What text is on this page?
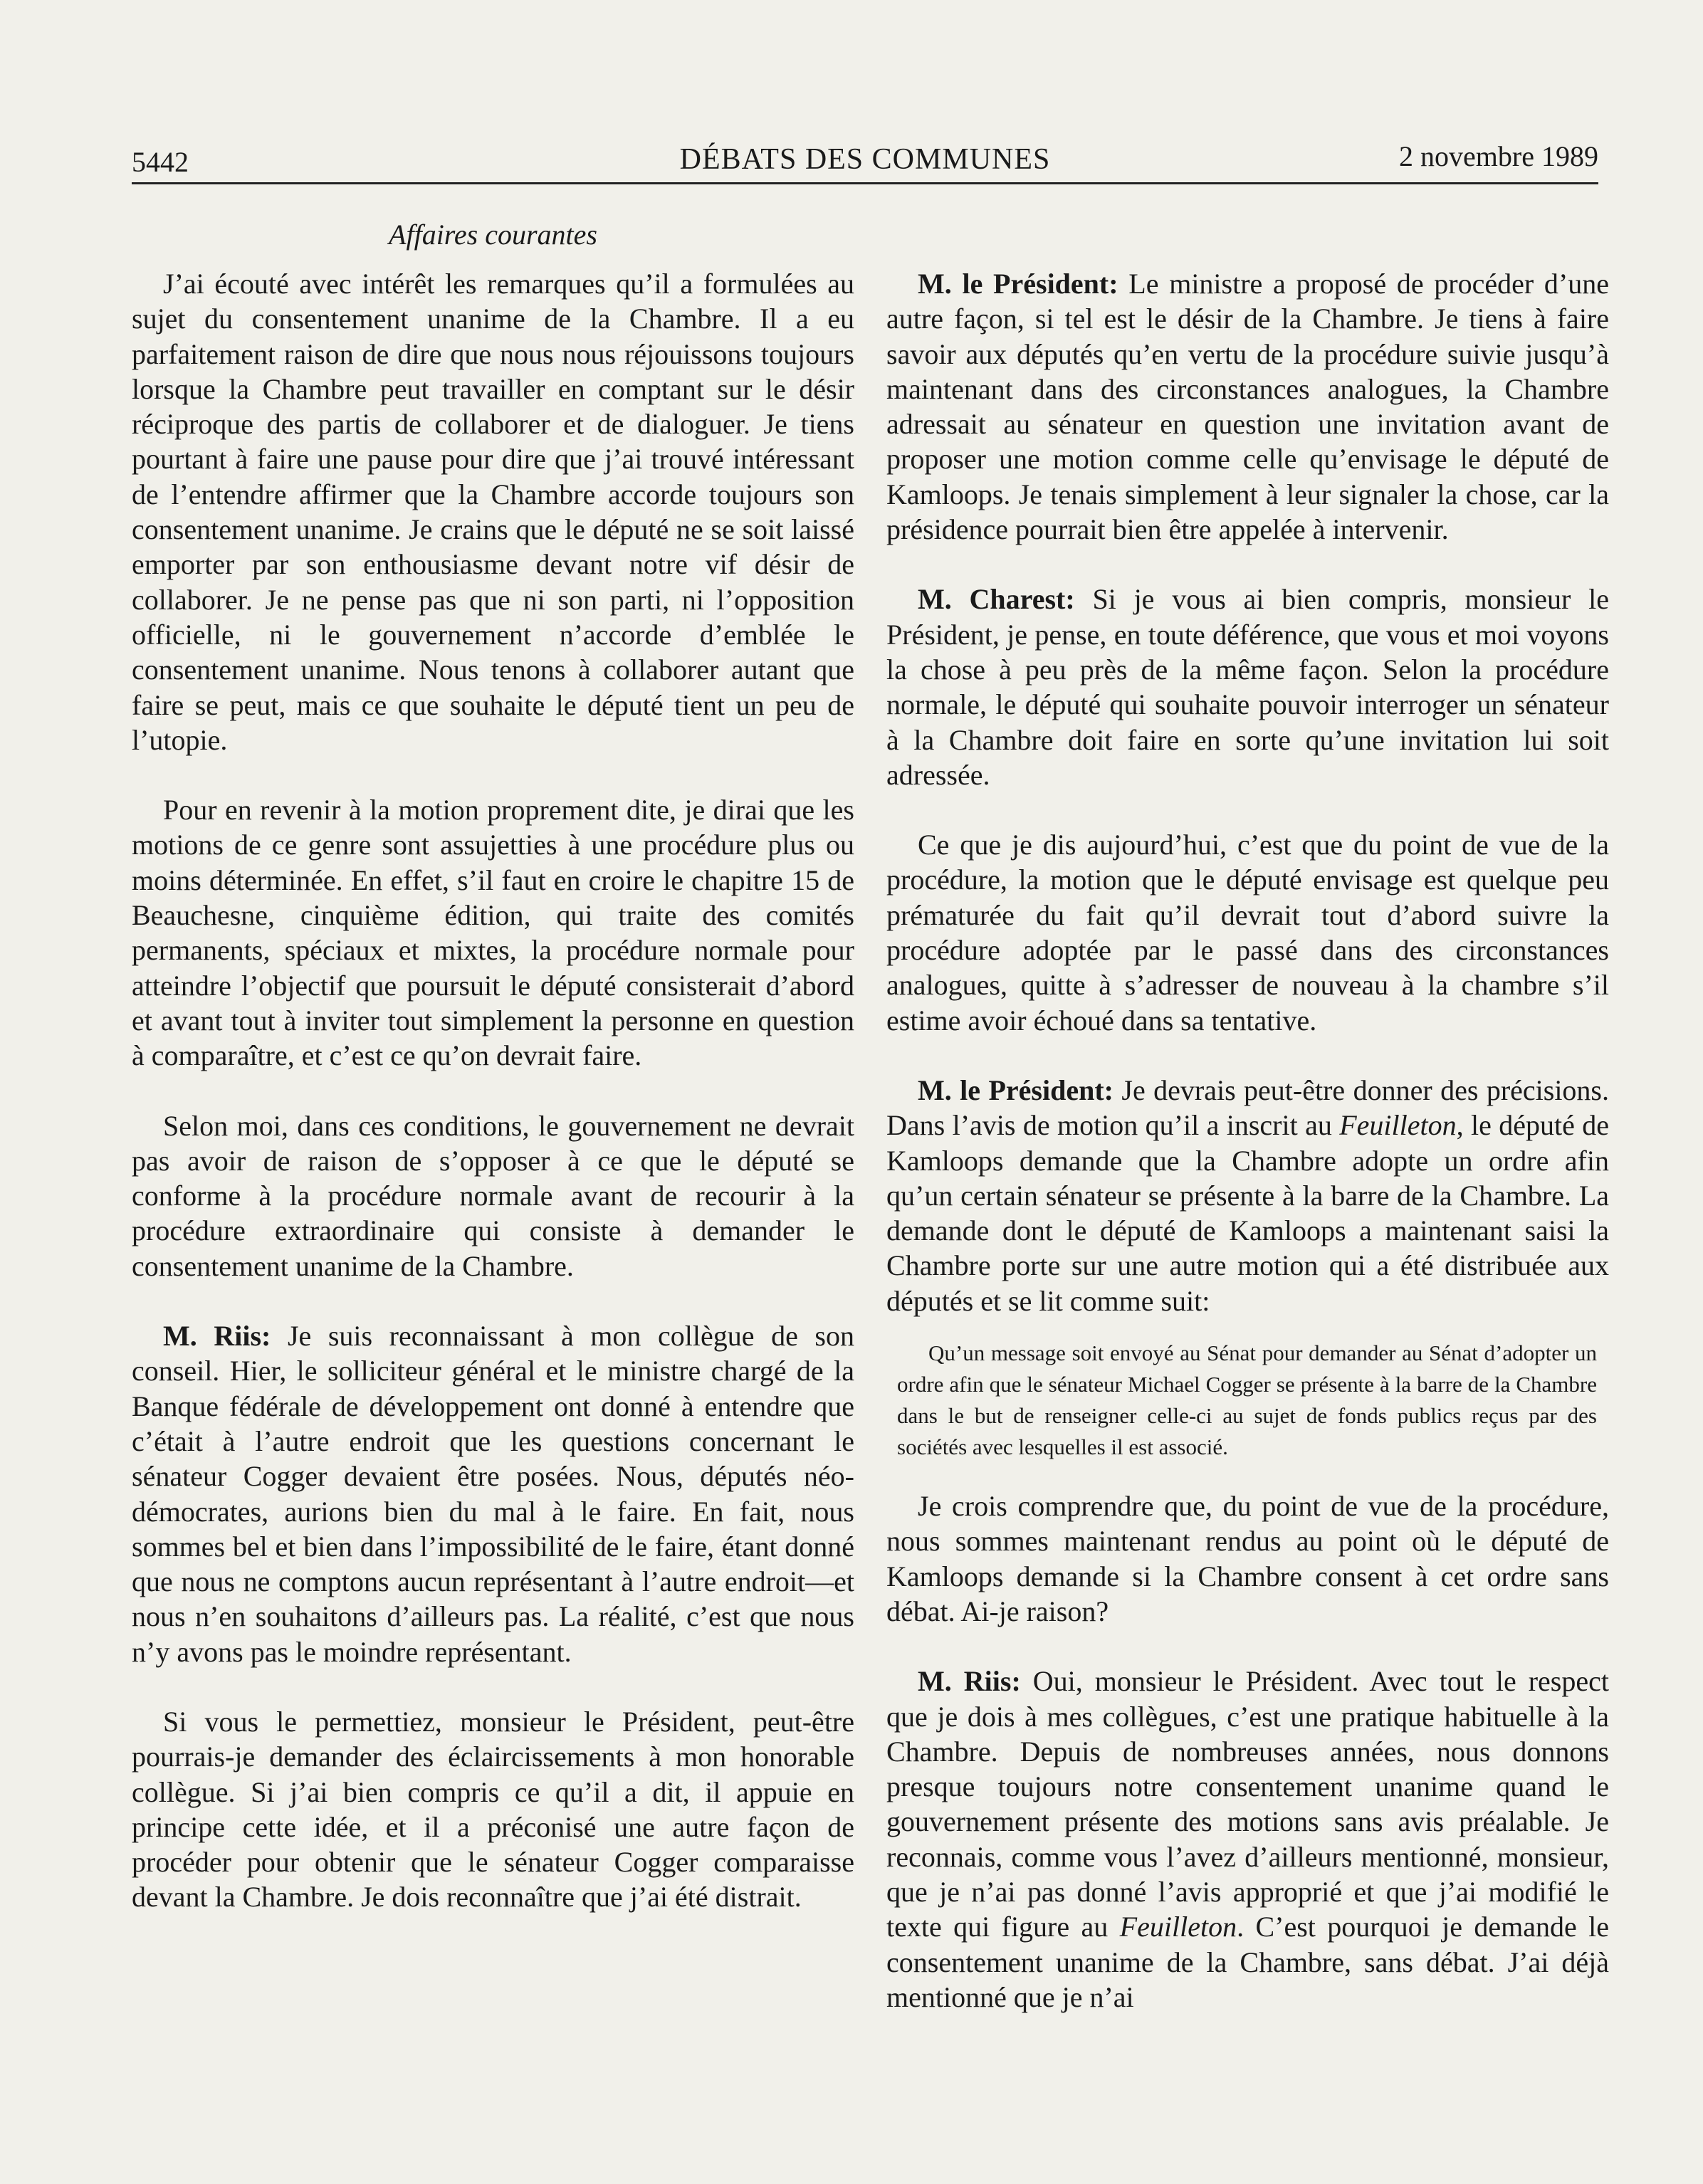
5442	DÉBATS DES COMMUNES	2 novembre 1989
Affaires courantes

J’ai écouté avec intérêt les remarques qu’il a formulées au sujet du consentement unanime de la Chambre. Il a eu parfaitement raison de dire que nous nous réjouissons toujours lorsque la Chambre peut travailler en comptant sur le désir réciproque des partis de collaborer et de dialoguer. Je tiens pourtant à faire une pause pour dire que j’ai trouvé intéressant de l’entendre affirmer que la Chambre accorde toujours son consentement unanime. Je crains que le député ne se soit laissé emporter par son enthousiasme devant notre vif désir de collaborer. Je ne pense pas que ni son parti, ni l’opposition officielle, ni le gouvernement n’accorde d’emblée le consentement unanime. Nous tenons à collaborer autant que faire se peut, mais ce que souhaite le député tient un peu de l’utopie.

Pour en revenir à la motion proprement dite, je dirai que les motions de ce genre sont assujetties à une procédure plus ou moins déterminée. En effet, s’il faut en croire le chapitre 15 de Beauchesne, cinquième édition, qui traite des comités permanents, spéciaux et mixtes, la procédure normale pour atteindre l’objectif que poursuit le député consisterait d’abord et avant tout à inviter tout simplement la personne en question à comparaître, et c’est ce qu’on devrait faire.

Selon moi, dans ces conditions, le gouvernement ne devrait pas avoir de raison de s’opposer à ce que le député se conforme à la procédure normale avant de recourir à la procédure extraordinaire qui consiste à demander le consentement unanime de la Chambre.

M. Riis: Je suis reconnaissant à mon collègue de son conseil. Hier, le solliciteur général et le ministre chargé de la Banque fédérale de développement ont donné à entendre que c’était à l’autre endroit que les questions concernant le sénateur Cogger devaient être posées. Nous, députés néo-démocrates, aurions bien du mal à le faire. En fait, nous sommes bel et bien dans l’impossibilité de le faire, étant donné que nous ne comptons aucun représentant à l’autre endroit—et nous n’en souhaitons d’ailleurs pas. La réalité, c’est que nous n’y avons pas le moindre représentant.

Si vous le permettiez, monsieur le Président, peut-être pourrais-je demander des éclaircissements à mon honorable collègue. Si j’ai bien compris ce qu’il a dit, il appuie en principe cette idée, et il a préconisé une autre façon de procéder pour obtenir que le sénateur Cogger comparaisse devant la Chambre. Je dois reconnaître que j’ai été distrait.

M. le Président: Le ministre a proposé de procéder d’une autre façon, si tel est le désir de la Chambre. Je tiens à faire savoir aux députés qu’en vertu de la procédure suivie jusqu’à maintenant dans des circonstances analogues, la Chambre adressait au sénateur en question une invitation avant de proposer une motion comme celle qu’envisage le député de Kamloops. Je tenais simplement à leur signaler la chose, car la présidence pourrait bien être appelée à intervenir.

M. Charest: Si je vous ai bien compris, monsieur le Président, je pense, en toute déférence, que vous et moi voyons la chose à peu près de la même façon. Selon la procédure normale, le député qui souhaite pouvoir interroger un sénateur à la Chambre doit faire en sorte qu’une invitation lui soit adressée.

Ce que je dis aujourd’hui, c’est que du point de vue de la procédure, la motion que le député envisage est quelque peu prématurée du fait qu’il devrait tout d’abord suivre la procédure adoptée par le passé dans des circonstances analogues, quitte à s’adresser de nouveau à la chambre s’il estime avoir échoué dans sa tentative.

M. le Président: Je devrais peut-être donner des précisions. Dans l’avis de motion qu’il a inscrit au Feuilleton, le député de Kamloops demande que la Chambre adopte un ordre afin qu’un certain sénateur se présente à la barre de la Chambre. La demande dont le député de Kamloops a maintenant saisi la Chambre porte sur une autre motion qui a été distribuée aux députés et se lit comme suit:

Qu’un message soit envoyé au Sénat pour demander au Sénat d’adopter un ordre afin que le sénateur Michael Cogger se présente à la barre de la Chambre dans le but de renseigner celle-ci au sujet de fonds publics reçus par des sociétés avec lesquelles il est associé.

Je crois comprendre que, du point de vue de la procédure, nous sommes maintenant rendus au point où le député de Kamloops demande si la Chambre consent à cet ordre sans débat. Ai-je raison?

M. Riis: Oui, monsieur le Président. Avec tout le respect que je dois à mes collègues, c’est une pratique habituelle à la Chambre. Depuis de nombreuses années, nous donnons presque toujours notre consentement unanime quand le gouvernement présente des motions sans avis préalable. Je reconnais, comme vous l’avez d’ailleurs mentionné, monsieur, que je n’ai pas donné l’avis approprié et que j’ai modifié le texte qui figure au Feuilleton. C’est pourquoi je demande le consentement unanime de la Chambre, sans débat. J’ai déjà mentionné que je n’ai
